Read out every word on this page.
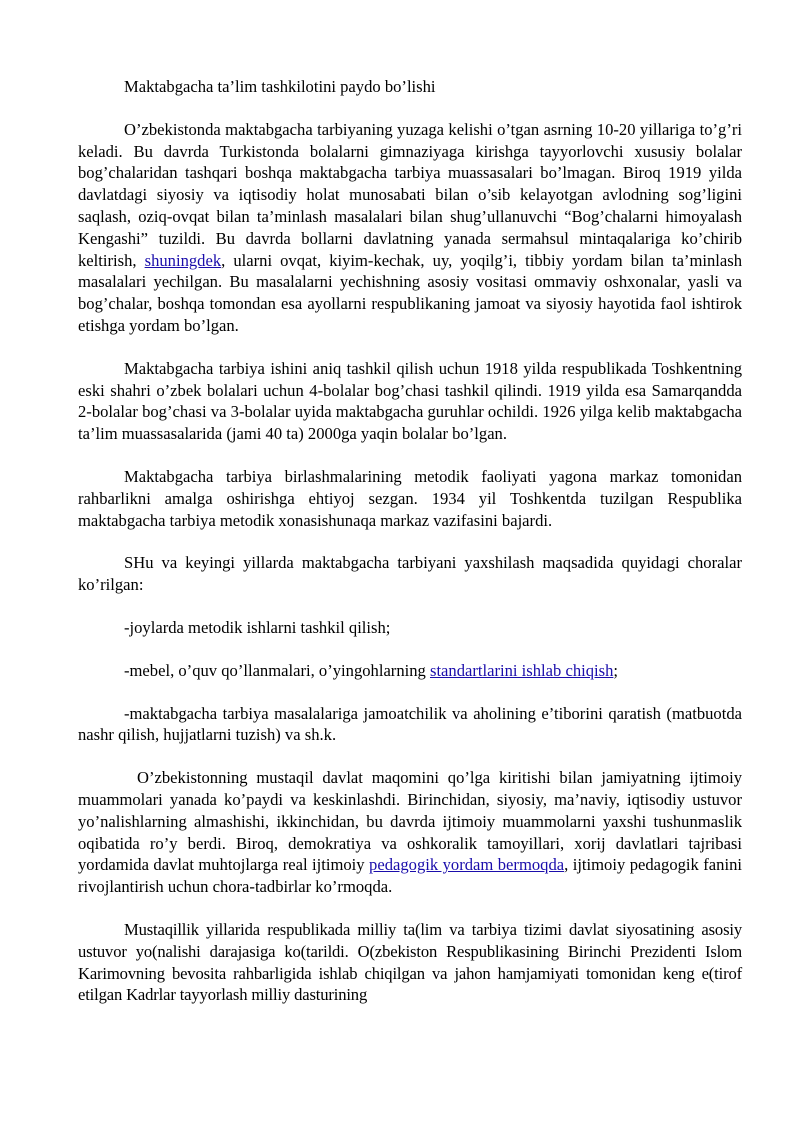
Maktabgacha ta’lim tashkilotini paydo bo’lishi

O’zbekistonda maktabgacha tarbiyaning yuzaga kelishi o’tgan asrning 10-20 yillariga to’g’ri keladi. Bu davrda Turkistonda bolalarni gimnaziyaga kirishga tayyorlovchi xususiy bolalar bog’chalaridan tashqari boshqa maktabgacha tarbiya muassasalari bo’lmagan. Biroq 1919 yilda davlatdagi siyosiy va iqtisodiy holat munosabati bilan o’sib kelayotgan avlodning sog’ligini saqlash, oziq-ovqat bilan ta’minlash masalalari bilan shug’ullanuvchi “Bog’chalarni himoyalash Kengashi” tuzildi. Bu davrda bollarni davlatning yanada sermahsul mintaqalariga ko’chirib keltirish, shuningdek, ularni ovqat, kiyim-kechak, uy, yoqilg’i, tibbiy yordam bilan ta’minlash masalalari yechilgan. Bu masalalarni yechishning asosiy vositasi ommaviy oshxonalar, yasli va bog’chalar, boshqa tomondan esa ayollarni respublikaning jamoat va siyosiy hayotida faol ishtirok etishga yordam bo’lgan.

Maktabgacha tarbiya ishini aniq tashkil qilish uchun 1918 yilda respublikada Toshkentning eski shahri o’zbek bolalari uchun 4-bolalar bog’chasi tashkil qilindi. 1919 yilda esa Samarqandda 2-bolalar bog’chasi va 3-bolalar uyida maktabgacha guruhlar ochildi. 1926 yilga kelib maktabgacha ta’lim muassasalarida (jami 40 ta) 2000ga yaqin bolalar bo’lgan.

Maktabgacha tarbiya birlashmalarining metodik faoliyati yagona markaz tomonidan rahbarlikni amalga oshirishga ehtiyoj sezgan. 1934 yil Toshkentda tuzilgan Respublika maktabgacha tarbiya metodik xonasishunaqa markaz vazifasini bajardi.

SHu va keyingi yillarda maktabgacha tarbiyani yaxshilash maqsadida quyidagi choralar ko’rilgan:

-joylarda metodik ishlarni tashkil qilish;

-mebel, o’quv qo’llanmalari, o’yingohlarning standartlarini ishlab chiqish;

-maktabgacha tarbiya masalalariga jamoatchilik va aholining e’tiborini qaratish (matbuotda nashr qilish, hujjatlarni tuzish) va sh.k.

O’zbekistonning mustaqil davlat maqomini qo’lga kiritishi bilan jamiyatning ijtimoiy muammolari yanada ko’paydi va keskinlashdi. Birinchidan, siyosiy, ma’naviy, iqtisodiy ustuvor yo’nalishlarning almashishi, ikkinchidan, bu davrda ijtimoiy muammolarni yaxshi tushunmaslik oqibatida ro’y berdi. Biroq, demokratiya va oshkoralik tamoyillari, xorij davlatlari tajribasi yordamida davlat muhtojlarga real ijtimoiy pedagogik yordam bermoqda, ijtimoiy pedagogik fanini rivojlantirish uchun chora-tadbirlar ko’rmoqda.

Mustaqillik yillarida respublikada milliy ta(lim va tarbiya tizimi davlat siyosatining asosiy ustuvor yo(nalishi darajasiga ko(tarildi. O(zbekiston Respublikasining Birinchi Prezidenti Islom Karimovning bevosita rahbarligida ishlab chiqilgan va jahon hamjamiyati tomonidan keng e(tirof etilgan Kadrlar tayyorlash milliy dasturining
